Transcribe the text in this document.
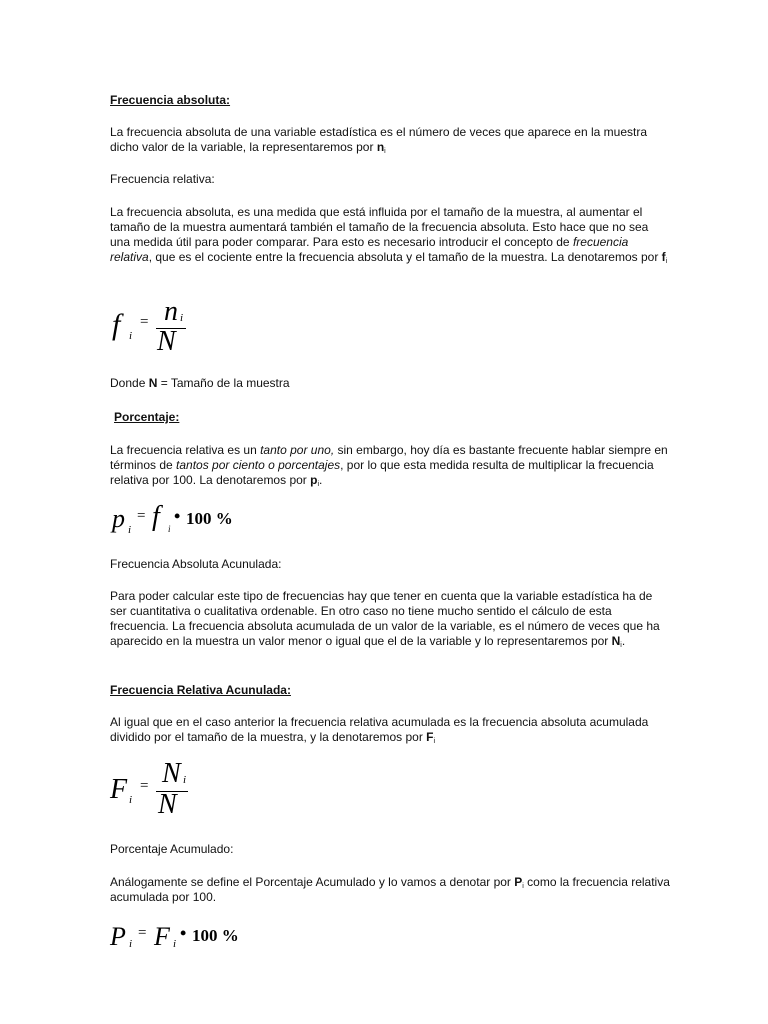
Frecuencia absoluta:
La frecuencia absoluta de una variable estadística es el número de veces que aparece en la muestra dicho valor de la variable, la representaremos por $n_i$
Frecuencia relativa:
La frecuencia absoluta, es una medida que está influida por el tamaño de la muestra, al aumentar el tamaño de la muestra aumentará también el tamaño de la frecuencia absoluta. Esto hace que no sea una medida útil para poder comparar. Para esto es necesario introducir el concepto de frecuencia relativa, que es el cociente entre la frecuencia absoluta y el tamaño de la muestra. La denotaremos por $f_i$
f i
= n i
N
Donde N = Tamaño de la muestra
Porcentaje:
La frecuencia relativa es un tanto por uno, sin embargo, hoy día es bastante frecuente hablar siempre en términos de tantos por ciento o porcentajes, por lo que esta medida resulta de multiplicar la frecuencia relativa por 100. La denotaremos por $p_i$.
p i
= f i
• 100 %
Frecuencia Absoluta Acunulada:
Para poder calcular este tipo de frecuencias hay que tener en cuenta que la variable estadística ha de ser cuantitativa o cualitativa ordenable. En otro caso no tiene mucho sentido el cálculo de esta frecuencia. La frecuencia absoluta acumulada de un valor de la variable, es el número de veces que ha aparecido en la muestra un valor menor o igual que el de la variable y lo representaremos por $N_i$.
Frecuencia Relativa Acunulada:
Al igual que en el caso anterior la frecuencia relativa acumulada es la frecuencia absoluta acumulada dividido por el tamaño de la muestra, y la denotaremos por $F_i$
F i
= N i
N
Porcentaje Acumulado:
Análogamente se define el Porcentaje Acumulado y lo vamos a denotar por $P_i$ como la frecuencia relativa acumulada por 100.
P i
= F i
• 100 %
